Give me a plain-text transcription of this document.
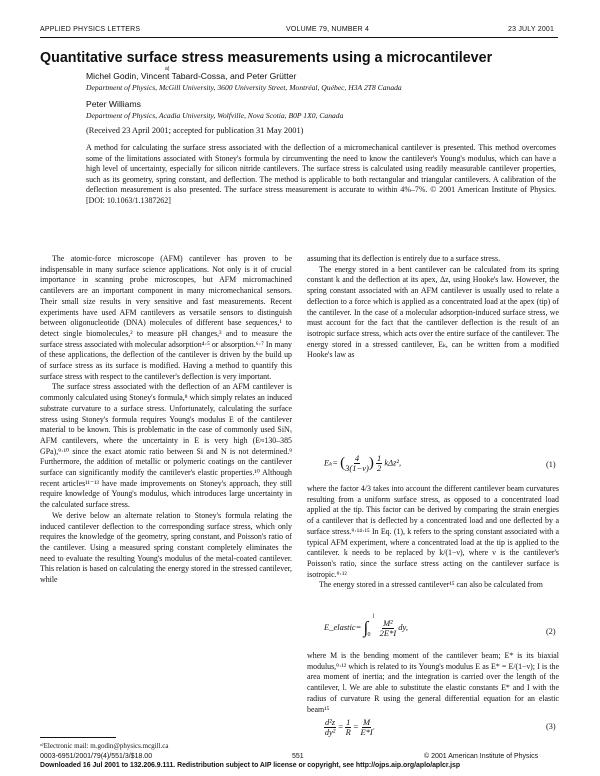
APPLIED PHYSICS LETTERS	VOLUME 79, NUMBER 4	23 JULY 2001
Quantitative surface stress measurements using a microcantilever
Michel Godin, Vincent Tabard-Cossa, and Peter Grütter
a)
Department of Physics, McGill University, 3600 University Street, Montréal, Québec, H3A 2T8 Canada
Peter Williams
Department of Physics, Acadia University, Wolfville, Nova Scotia, B0P 1X0, Canada
(Received 23 April 2001; accepted for publication 31 May 2001)
A method for calculating the surface stress associated with the deflection of a micromechanical cantilever is presented. This method overcomes some of the limitations associated with Stoney's formula by circumventing the need to know the cantilever's Young's modulus, which can have a high level of uncertainty, especially for silicon nitride cantilevers. The surface stress is calculated using readily measurable cantilever properties, such as its geometry, spring constant, and deflection. The method is applicable to both rectangular and triangular cantilevers. A calibration of the deflection measurement is also presented. The surface stress measurement is accurate to within 4%–7%. © 2001 American Institute of Physics. [DOI: 10.1063/1.1387262]

The atomic-force microscope (AFM) cantilever has proven to be indispensable in many surface science applications. Not only is it of crucial importance in scanning probe microscopes, but AFM micromachined cantilevers are an important component in many micromechanical sensors. Their small size results in very sensitive and fast measurements. Recent experiments have used AFM cantilevers as versatile sensors to distinguish between oligonucleotide (DNA) molecules of different base sequences,¹ to detect single biomolecules,² to measure pH changes,³ and to measure the surface stress associated with molecular adsorption⁴·⁵ or absorption.⁶·⁷ In many of these applications, the deflection of the cantilever is driven by the build up of surface stress as its surface is modified. Having a method to quantify this surface stress with respect to the cantilever's deflection is very important.

The surface stress associated with the deflection of an AFM cantilever is commonly calculated using Stoney's formula,⁸ which simply relates an induced substrate curvature to a surface stress. Unfortunately, calculating the surface stress using Stoney's formula requires Young's modulus E of the cantilever material to be known. This is problematic in the case of commonly used SiNₓ AFM cantilevers, where the uncertainty in E is very high (E≈130–385 GPa),⁹·¹⁰ since the exact atomic ratio between Si and N is not determined.⁹ Furthermore, the addition of metallic or polymeric coatings on the cantilever surface can significantly modify the cantilever's elastic properties.¹⁰ Although recent articles¹¹⁻¹³ have made improvements on Stoney's approach, they still require knowledge of Young's modulus, which introduces large uncertainty in the calculated surface stress.

We derive below an alternate relation to Stoney's formula relating the induced cantilever deflection to the corresponding surface stress, which only requires the knowledge of the geometry, spring constant, and Poisson's ratio of the cantilever. Using a measured spring constant completely eliminates the need to evaluate the resulting Young's modulus of the metal-coated cantilever. This relation is based on calculating the energy stored in the stressed cantilever, while

ᵃ⁾Electronic mail: m.godin@physics.mcgill.ca

assuming that its deflection is entirely due to a surface stress.

The energy stored in a bent cantilever can be calculated from its spring constant k and the deflection at its apex, Δz, using Hooke's law. However, the spring constant associated with an AFM cantilever is usually used to relate a deflection to a force which is applied as a concentrated load at the apex (tip) of the cantilever. In the case of a molecular adsorption-induced surface stress, we must account for the fact that the cantilever deflection is the result of an isotropic surface stress, which acts over the entire surface of the cantilever. The energy stored in a stressed cantilever, Eₖ, can be written from a modified Hooke's law as

Eₖ= ( $\frac{4}{3(1-\nu)}$ ) $\frac{1}{2} k\Delta z^2$,	(1)

where the factor 4/3 takes into account the different cantilever beam curvatures resulting from a uniform surface stress, as opposed to a concentrated load applied at the tip. This factor can be derived by comparing the strain energies of a cantilever that is deflected by a concentrated load and one deflected by a surface stress.⁹·¹⁴·¹⁵ In Eq. (1), k refers to the spring constant associated with a typical AFM experiment, where a concentrated load at the tip is applied to the cantilever. k needs to be replaced by k/(1−ν), where ν is the cantilever's Poisson's ratio, since the surface stress acting on the cantilever surface is isotropic.⁹·¹²

The energy stored in a stressed cantilever¹⁵ can also be calculated from

E_elastic= ∫
l
0
$\frac{\text{M²}}{2E*I}$ dy,	(2)

where M is the bending moment of the cantilever beam; E* is its biaxial modulus,⁹·¹² which is related to its Young's modulus E as E* = E/(1−ν); I is the area moment of inertia; and the integration is carried over the length of the cantilever, l. We are able to substitute the elastic constants E* and I with the radius of curvature R using the general differential equation for an elastic beam¹⁵

$\frac{\text{d²z}}{\text{dy²}} = \frac{1}{R} = \frac{M}{E*I}$ .	(3)
0003-6951/2001/79(4)/551/3/$18.00	551	© 2001 American Institute of Physics
Downloaded 16 Jul 2001 to 132.206.9.111. Redistribution subject to AIP license or copyright, see http://ojps.aip.org/aplo/aplcr.jsp
